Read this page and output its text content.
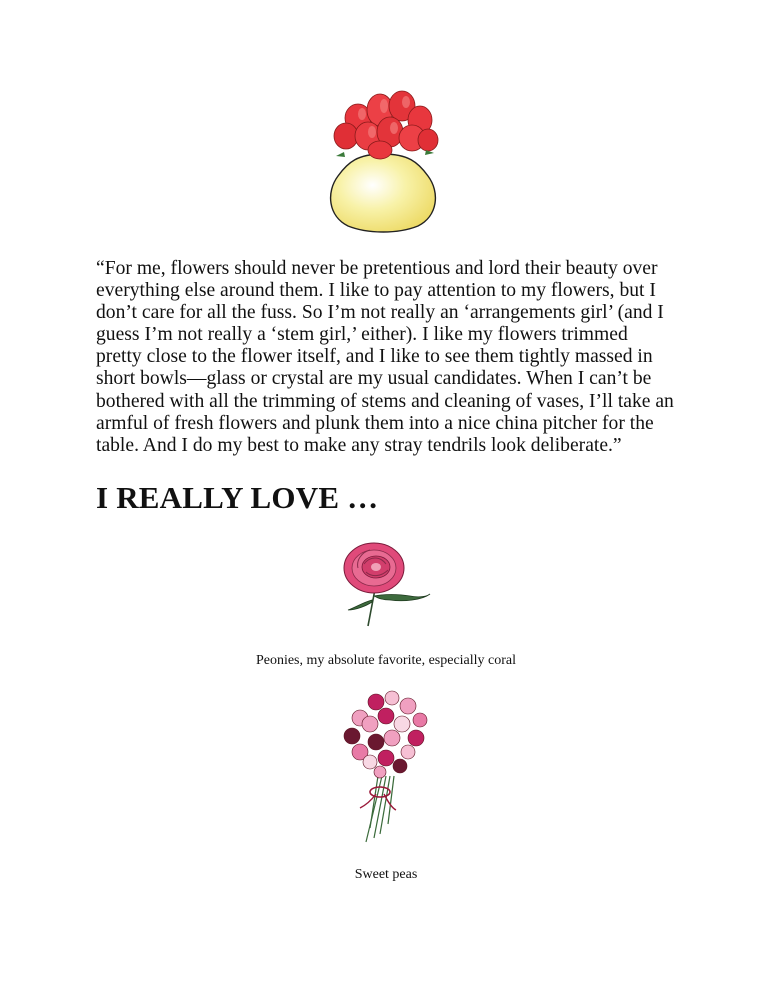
“For me, flowers should never be pretentious and lord their beauty over everything else around them. I like to pay attention to my flowers, but I don’t care for all the fuss. So I’m not really an ‘arrangements girl’ (and I guess I’m not really a ‘stem girl,’ either). I like my flowers trimmed pretty close to the flower itself, and I like to see them tightly massed in short bowls—glass or crystal are my usual candidates. When I can’t be bothered with all the trimming of stems and cleaning of vases, I’ll take an armful of fresh flowers and plunk them into a nice china pitcher for the table. And I do my best to make any stray tendrils look deliberate.”

I REALLY LOVE …

Peonies, my absolute favorite, especially coral

Sweet peas
